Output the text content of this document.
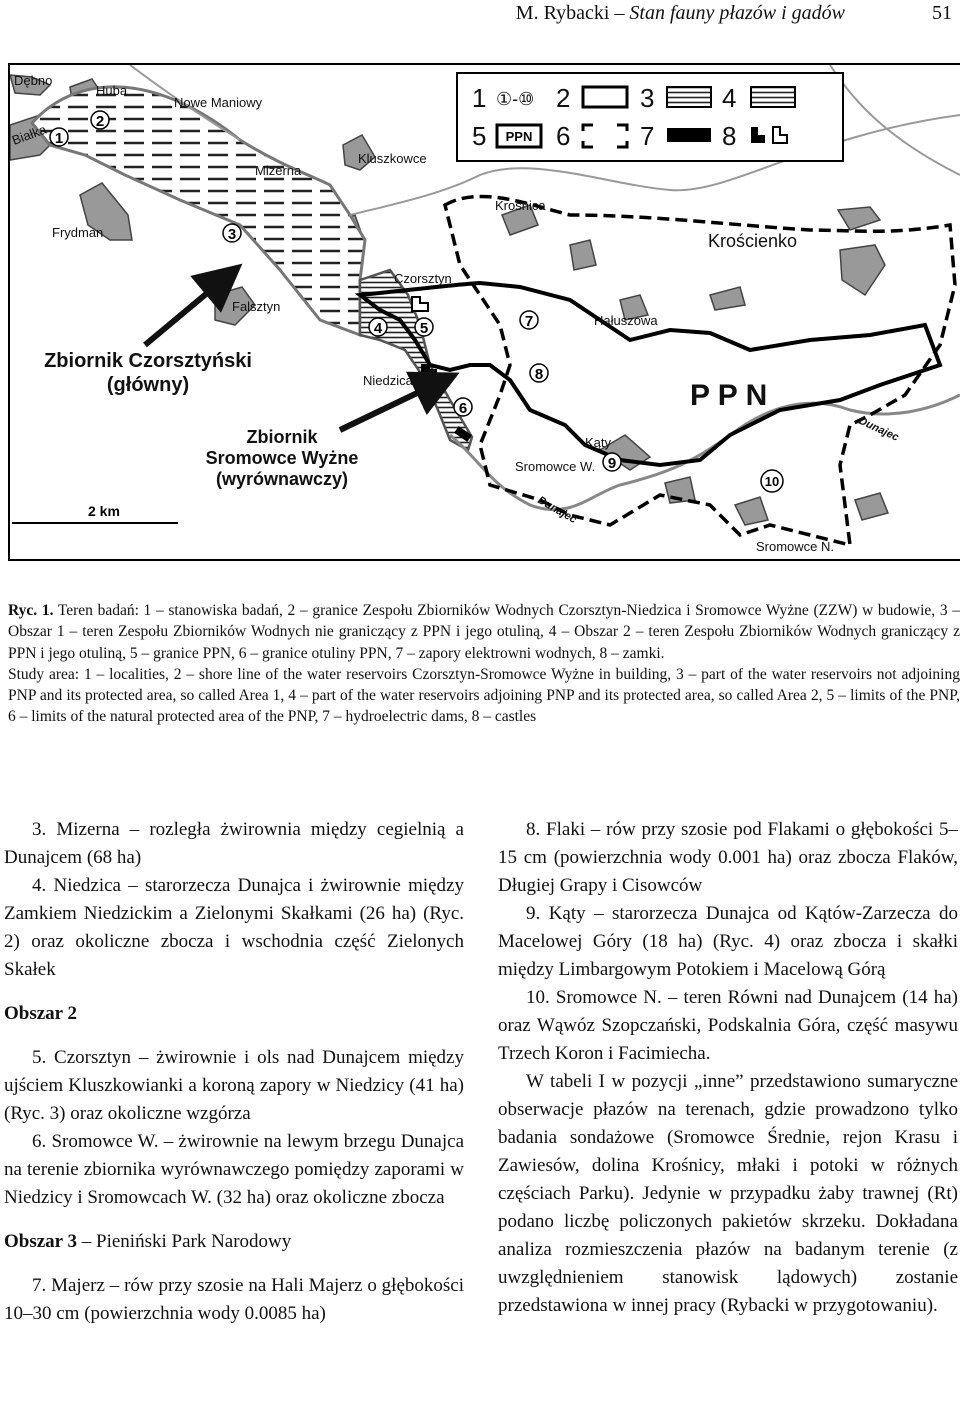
M. Rybacki – Stan fauny płazów i gadów	51
Dębno
Huba
Nowe Maniowy
Białka
Mizerna
Kluszkowce
Krośnica
Frydman	Krościenko
Czorsztyn
Falsztyn
Hałuszowa
Niedzica
Kąty
Sromowce W.
Sromowce N.
Dunajec
Dunajec
P P N
Zbiornik Czorsztyński
(główny)
Zbiornik
Sromowce Wyżne
(wyrównawczy)
2 km
1
2
3
4	5
6
7
8
9
10
1 ①-⑩ 2	3	4
5	6	7	8
PPN

Ryc. 1. Teren badań: 1 – stanowiska badań, 2 – granice Zespołu Zbiorników Wodnych Czorsztyn-Niedzica i Sromowce Wyżne (ZZW) w budowie, 3 – Obszar 1 – teren Zespołu Zbiorników Wodnych nie graniczący z PPN i jego otuliną, 4 – Obszar 2 – teren Zespołu Zbiorników Wodnych graniczący z PPN i jego otuliną, 5 – granice PPN, 6 – granice otuliny PPN, 7 – zapory elektrowni wodnych, 8 – zamki.

Study area: 1 – localities, 2 – shore line of the water reservoirs Czorsztyn-Sromowce Wyżne in building, 3 – part of the water reservoirs not adjoining PNP and its protected area, so called Area 1, 4 – part of the water reservoirs adjoining PNP and its protected area, so called Area 2, 5 – limits of the PNP, 6 – limits of the natural protected area of the PNP, 7 – hydroelectric dams, 8 – castles

3. Mizerna – rozległa żwirownia między cegielnią a Dunajcem (68 ha)

4. Niedzica – starorzecza Dunajca i żwirownie między Zamkiem Niedzickim a Zielonymi Skałkami (26 ha) (Ryc. 2) oraz okoliczne zbocza i wschodnia część Zielonych Skałek

Obszar 2

5. Czorsztyn – żwirownie i ols nad Dunajcem między ujściem Kluszkowianki a koroną zapory w Niedzicy (41 ha) (Ryc. 3) oraz okoliczne wzgórza

6. Sromowce W. – żwirownie na lewym brzegu Dunajca na terenie zbiornika wyrównawczego pomiędzy zaporami w Niedzicy i Sromowcach W. (32 ha) oraz okoliczne zbocza

Obszar 3 – Pieniński Park Narodowy

7. Majerz – rów przy szosie na Hali Majerz o głębokości 10–30 cm (powierzchnia wody 0.0085 ha)

8. Flaki – rów przy szosie pod Flakami o głębokości 5–15 cm (powierzchnia wody 0.001 ha) oraz zbocza Flaków, Długiej Grapy i Cisowców

9. Kąty – starorzecza Dunajca od Kątów-Zarzecza do Macelowej Góry (18 ha) (Ryc. 4) oraz zbocza i skałki między Limbargowym Potokiem i Macelową Górą

10. Sromowce N. – teren Równi nad Dunajcem (14 ha) oraz Wąwóz Szopczański, Podskalnia Góra, część masywu Trzech Koron i Facimiecha.

W tabeli I w pozycji „inne” przedstawiono sumaryczne obserwacje płazów na terenach, gdzie prowadzono tylko badania sondażowe (Sromowce Średnie, rejon Krasu i Zawiesów, dolina Krośnicy, młaki i potoki w różnych częściach Parku). Jedynie w przypadku żaby trawnej (Rt) podano liczbę policzonych pakietów skrzeku. Dokładana analiza rozmieszczenia płazów na badanym terenie (z uwzględnieniem stanowisk lądowych) zostanie przedstawiona w innej pracy (Rybacki w przygotowaniu).
